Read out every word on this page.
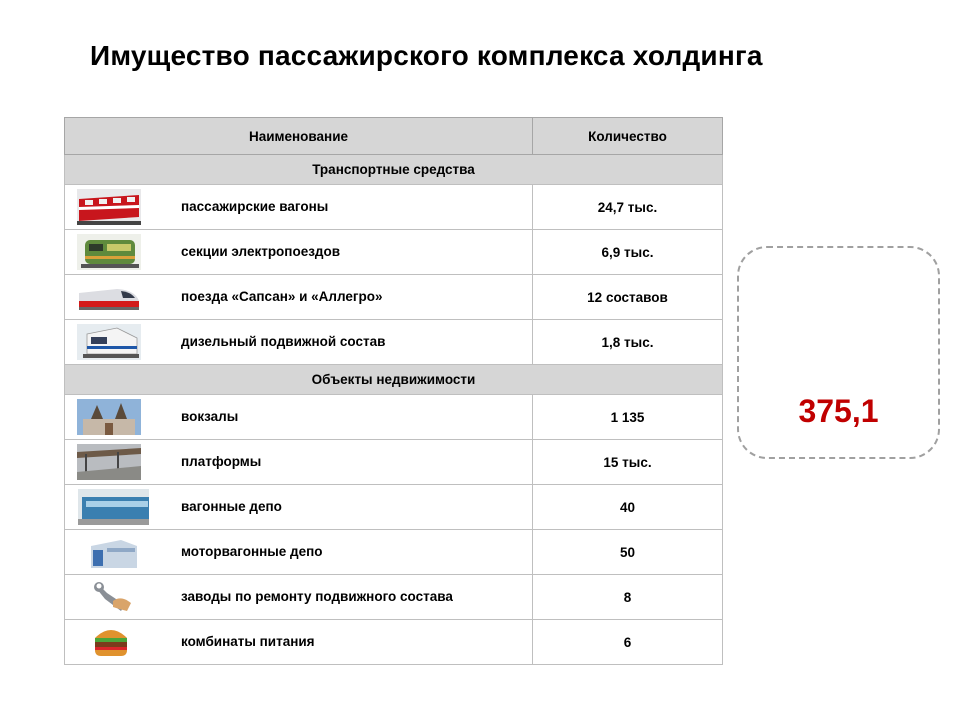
Имущество пассажирского комплекса холдинга
Наименование	Количество
Транспортные средства	

пассажирские вагоны	24,7 тыс.

секции электропоездов	6,9 тыс.

поезда «Сапсан» и «Аллегро»	12 составов

дизельный подвижной состав	1,8 тыс.
Объекты недвижимости	

вокзалы	1 135

платформы	15 тыс.

вагонные депо	40

моторвагонные депо	50

заводы по ремонту подвижного состава	8

комбинаты питания	6
375,1
